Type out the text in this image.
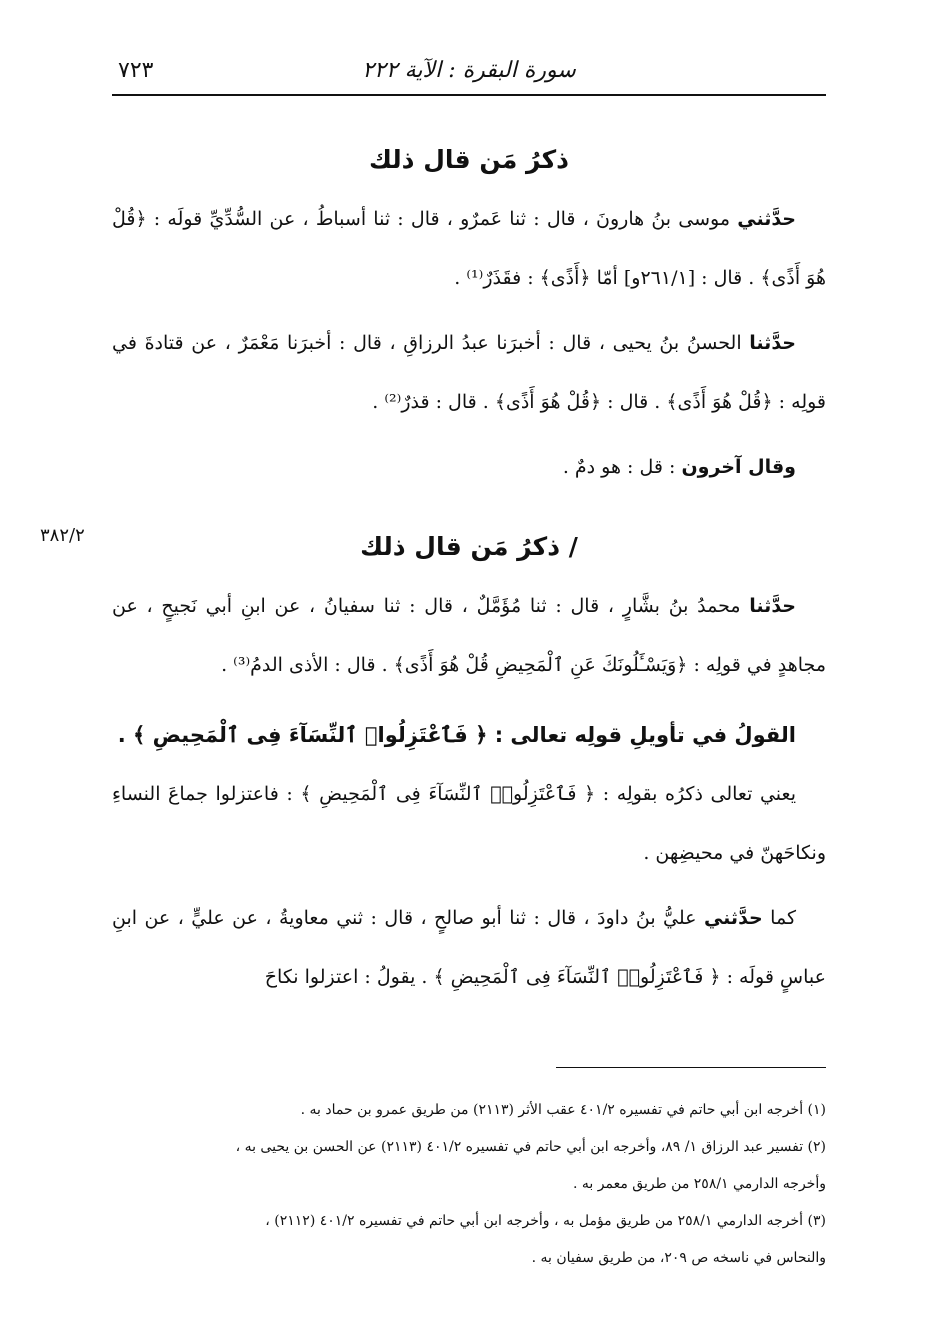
سورة البقرة : الآية ٢٢٢
٧٢٣
٣٨٢/٢
ذكرُ مَن قال ذلك

حدَّثني موسى بنُ هارونَ ، قال : ثنا عَمرٌو ، قال : ثنا أسباطُ ، عن السُّدِّيِّ قولَه : ﴿قُلْ هُوَ أَذًى﴾ . قال : [٢٦١/١و] أمّا ﴿أَذًى﴾ : فقَذَرٌ⁽¹⁾ .

حدَّثنا الحسنُ بنُ يحيى ، قال : أخبرَنا عبدُ الرزاقِ ، قال : أخبرَنا مَعْمَرٌ ، عن قتادةَ في قولِه : ﴿قُلْ هُوَ أَذًى﴾ . قال : ﴿قُلْ هُوَ أَذًى﴾ . قال : قذرٌ⁽²⁾ .

وقال آخرون : قل : هو دمٌ .

/ ذكرُ مَن قال ذلك

حدَّثنا محمدُ بنُ بشَّارٍ ، قال : ثنا مُؤَمَّلٌ ، قال : ثنا سفيانُ ، عن ابنِ أبي نَجيحٍ ، عن مجاهدٍ في قولِه : ﴿وَيَسْـَٔلُونَكَ عَنِ ٱلْمَحِيضِ قُلْ هُوَ أَذًى﴾ . قال : الأذى الدمُ⁽³⁾ .

القولُ في تأويلِ قولِه تعالى : ﴿ فَٱعْتَزِلُوا۟ ٱلنِّسَآءَ فِى ٱلْمَحِيضِ ﴾ .

يعني تعالى ذكرُه بقولِه : ﴿ فَٱعْتَزِلُوا۟ ٱلنِّسَآءَ فِى ٱلْمَحِيضِ ﴾ : فاعتزلوا جماعَ النساءِ ونكاحَهنّ في محيضِهن .

كما حدَّثني عليُّ بنُ داودَ ، قال : ثنا أبو صالحٍ ، قال : ثني معاويةُ ، عن عليٍّ ، عن ابنِ عباسٍ قولَه : ﴿ فَٱعْتَزِلُوا۟ ٱلنِّسَآءَ فِى ٱلْمَحِيضِ ﴾ . يقولُ : اعتزلوا نكاحَ

(١) أخرجه ابن أبي حاتم في تفسيره ٤٠١/٢ عقب الأثر (٢١١٣) من طريق عمرو بن حماد به .

(٢) تفسير عبد الرزاق ١/ ٨٩، وأخرجه ابن أبي حاتم في تفسيره ٤٠١/٢ (٢١١٣) عن الحسن بن يحيى به ،

وأخرجه الدارمي ٢٥٨/١ من طريق معمر به .

(٣) أخرجه الدارمي ٢٥٨/١ من طريق مؤمل به ، وأخرجه ابن أبي حاتم في تفسيره ٤٠١/٢ (٢١١٢) ،

والنحاس في ناسخه ص ٢٠٩، من طريق سفيان به .
